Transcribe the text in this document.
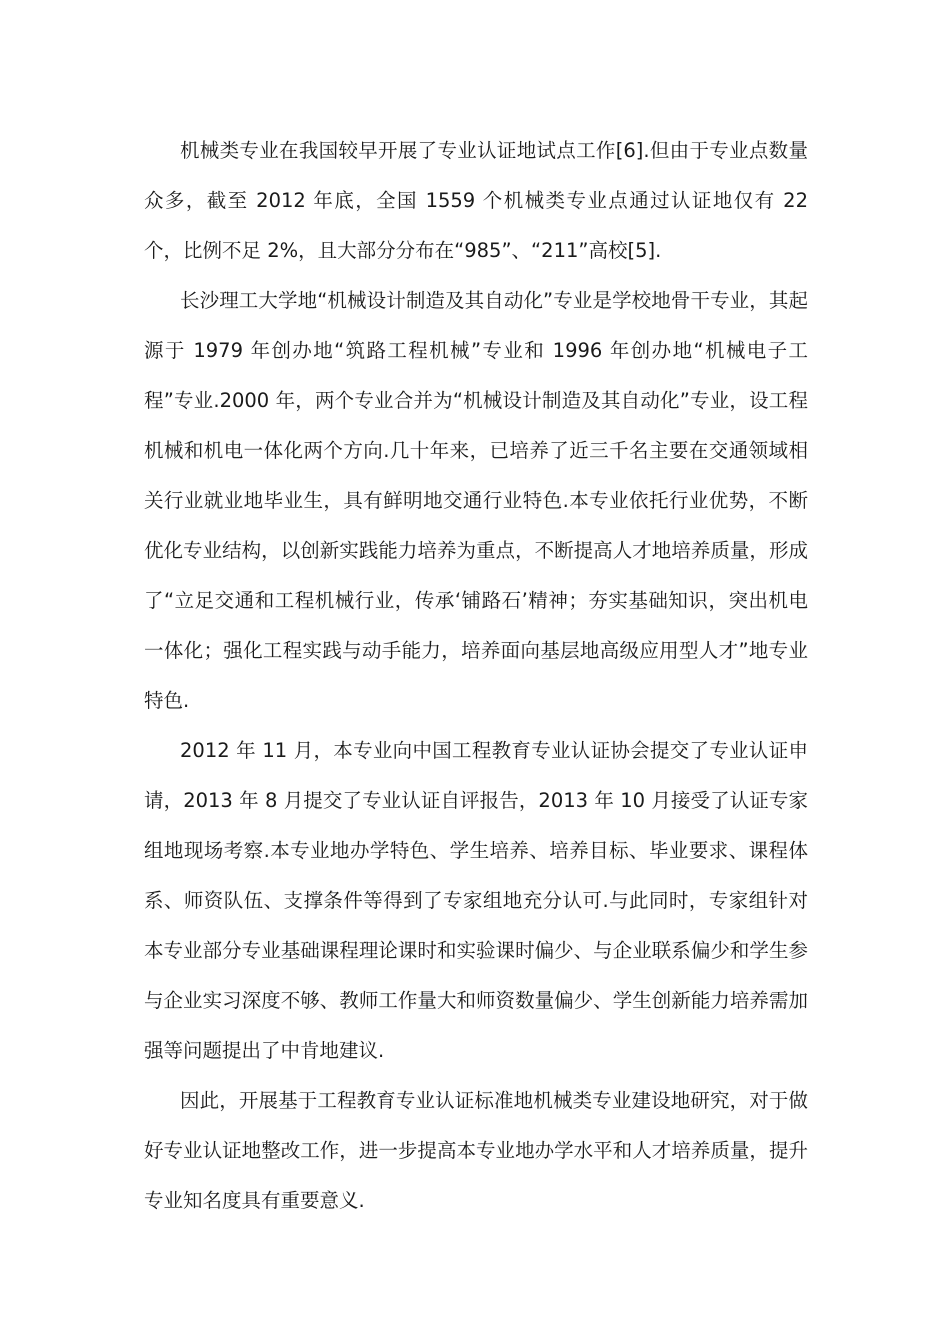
机械类专业在我国较早开展了专业认证地试点工作[6].但由于专业点数量众多，截至 2012 年底，全国 1559 个机械类专业点通过认证地仅有 22 个，比例不足 2%，且大部分分布在“985”、“211”高校[5].

长沙理工大学地“机械设计制造及其自动化”专业是学校地骨干专业，其起源于 1979 年创办地“筑路工程机械”专业和 1996 年创办地“机械电子工程”专业.2000 年，两个专业合并为“机械设计制造及其自动化”专业，设工程机械和机电一体化两个方向.几十年来，已培养了近三千名主要在交通领域相关行业就业地毕业生，具有鲜明地交通行业特色.本专业依托行业优势，不断优化专业结构，以创新实践能力培养为重点，不断提高人才地培养质量，形成了“立足交通和工程机械行业，传承‘铺路石’精神；夯实基础知识，突出机电一体化；强化工程实践与动手能力，培养面向基层地高级应用型人才”地专业特色.

2012 年 11 月，本专业向中国工程教育专业认证协会提交了专业认证申请，2013 年 8 月提交了专业认证自评报告，2013 年 10 月接受了认证专家组地现场考察.本专业地办学特色、学生培养、培养目标、毕业要求、课程体系、师资队伍、支撑条件等得到了专家组地充分认可.与此同时，专家组针对本专业部分专业基础课程理论课时和实验课时偏少、与企业联系偏少和学生参与企业实习深度不够、教师工作量大和师资数量偏少、学生创新能力培养需加强等问题提出了中肯地建议.

因此，开展基于工程教育专业认证标准地机械类专业建设地研究，对于做好专业认证地整改工作，进一步提高本专业地办学水平和人才培养质量，提升专业知名度具有重要意义.
